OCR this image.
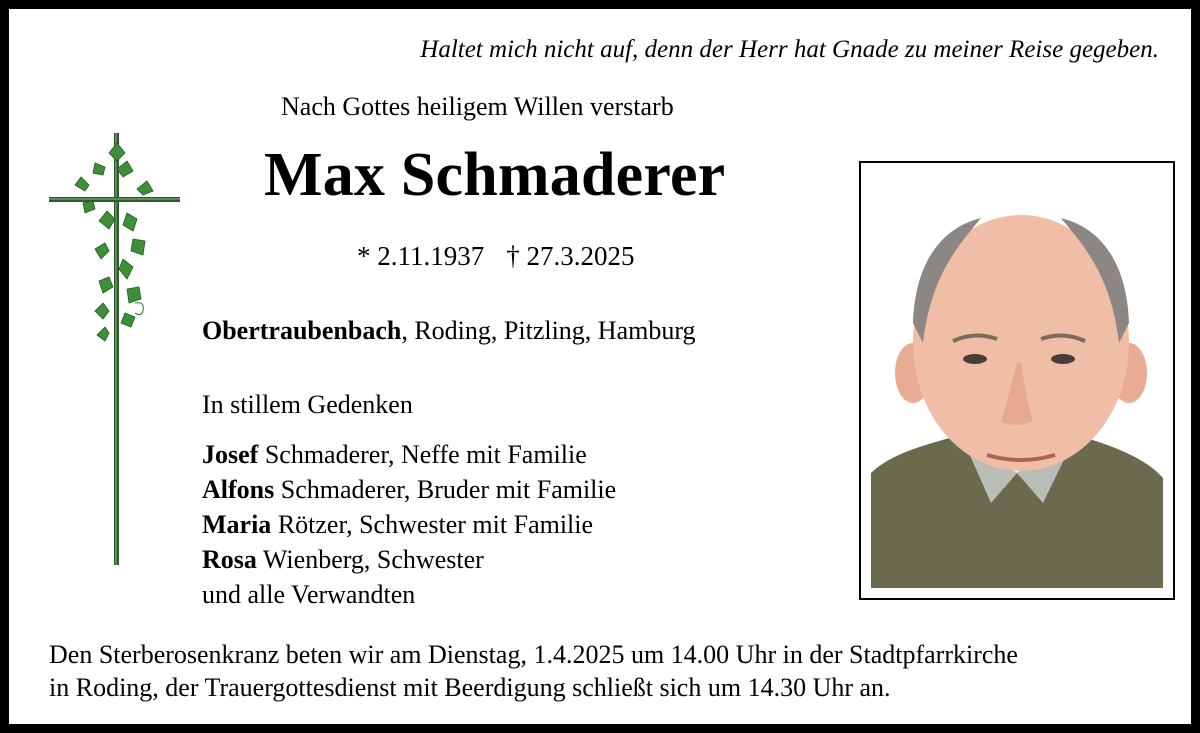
Haltet mich nicht auf, denn der Herr hat Gnade zu meiner Reise gegeben.
Nach Gottes heiligem Willen verstarb
Max Schmaderer
* 2.11.1937 † 27.3.2025
Obertraubenbach, Roding, Pitzling, Hamburg
In stillem Gedenken
Josef Schmaderer, Neffe mit Familie
Alfons Schmaderer, Bruder mit Familie
Maria Rötzer, Schwester mit Familie
Rosa Wienberg, Schwester
und alle Verwandten
Den Sterberosenkranz beten wir am Dienstag, 1.4.2025 um 14.00 Uhr in der Stadtpfarrkirche
in Roding, der Trauergottesdienst mit Beerdigung schließt sich um 14.30 Uhr an.
